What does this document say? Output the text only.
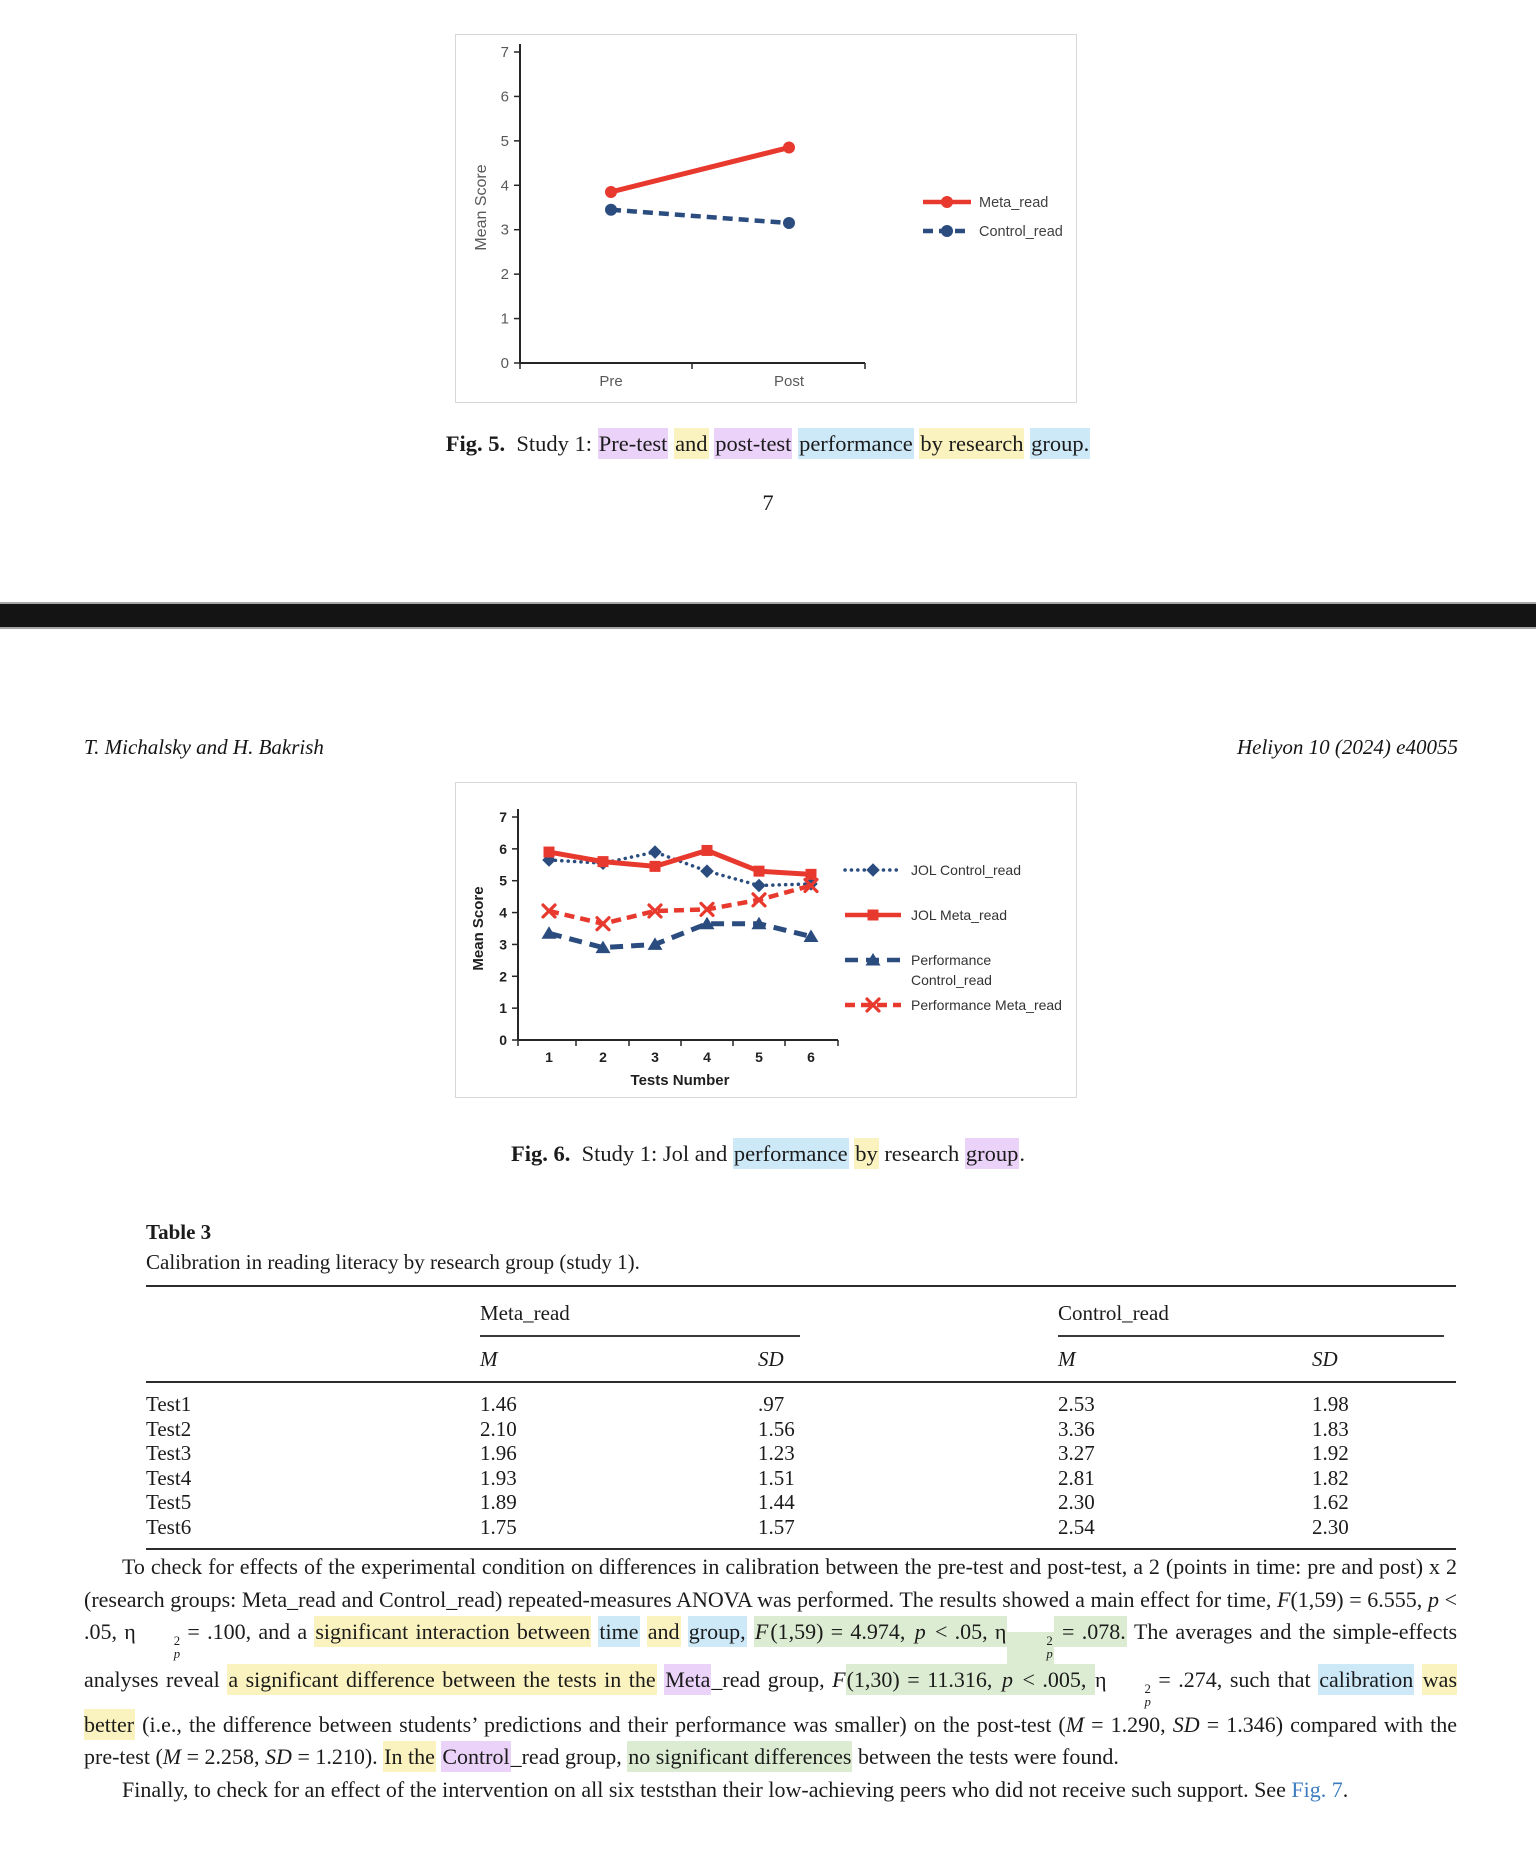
0
1
2
3
4
5
6
7
Pre	Post
Mean Score	Meta_read
Control_read
Fig. 5. Study 1: Pre-test and post-test performance by research group.
7
T. Michalsky and H. Bakrish	Heliyon 10 (2024) e40055
0
1
2
3
4
5
6
7
1	2	3	4	5	6
Tests Number
Mean Score
JOL Control_read
JOL Meta_read
Performance
Control_read
Performance Meta_read
Fig. 6. Study 1: Jol and performance by research group.
Table 3
Calibration in reading literacy by research group (study 1).

	Meta_read		Control_read	

	M	SD	M	SD
Test1	1.46	.97	2.53	1.98
Test2	2.10	1.56	3.36	1.83
Test3	1.96	1.23	3.27	1.92
Test4	1.93	1.51	2.81	1.82
Test5	1.89	1.44	2.30	1.62
Test6	1.75	1.57	2.54	2.30

To check for effects of the experimental condition on differences in calibration between the pre-test and post-test, a 2 (points in time: pre and post) x 2 (research groups: Meta_read and Control_read) repeated-measures ANOVA was performed. The results showed a main effect for time, F(1,59) = 6.555, p < .05, η	2
p
= .100, and a significant interaction between time and group, F(1,59) = 4.974, p < .05, η	2
p
= .078. The averages and the simple-effects analyses reveal a significant difference between the tests in the Meta_read group, F(1,30) = 11.316, p < .005, η	2
p
= .274, such that calibration was better (i.e., the difference between students’ predictions and their performance was smaller) on the post-test (M = 1.290, SD = 1.346) compared with the pre-test (M = 2.258, SD = 1.210). In the Control_read group, no significant differences between the tests were found.

Finally, to check for an effect of the intervention on all six teststhan their low-achieving peers who did not receive such support. See Fig. 7.
